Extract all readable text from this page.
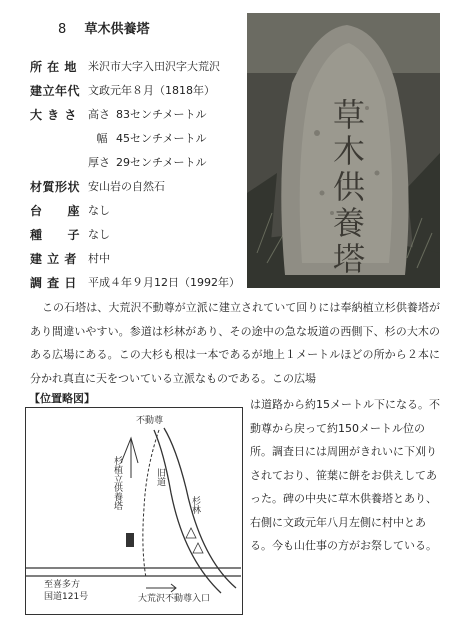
8 草木供養塔
所 在 地	米沢市大字入田沢字大荒沢
建立年代 文政元年８月（1818年）
大 き さ	高さ 83センチメートル
幅 45センチメートル
厚さ 29センチメートル
材質形状 安山岩の自然石
台　　座 なし
種　　子 なし
建 立 者	村中
調 査 日	平成４年９月12日（1992年）
草木供養塔
この石塔は、大荒沢不動尊が立派に建立されていて回りには奉納植立杉供養塔があり間違いやすい。参道は杉林があり、その途中の急な坂道の西側下、杉の大木のある広場にある。この大杉も根は一本であるが地上１メートルほどの所から２本に分かれ真直に天をついている立派なものである。この広場
【位置略図】
不動尊
杉植立供養塔	旧道
杉林
至喜多方
国道121号	大荒沢不動尊入口
は道路から約15メートル下になる。不動尊から戻って約150メートル位の所。調査日には周囲がきれいに下刈りされており、笹葉に餅をお供えしてあった。碑の中央に草木供養塔とあり、右側に文政元年八月左側に村中とある。今も山仕事の方がお祭している。
